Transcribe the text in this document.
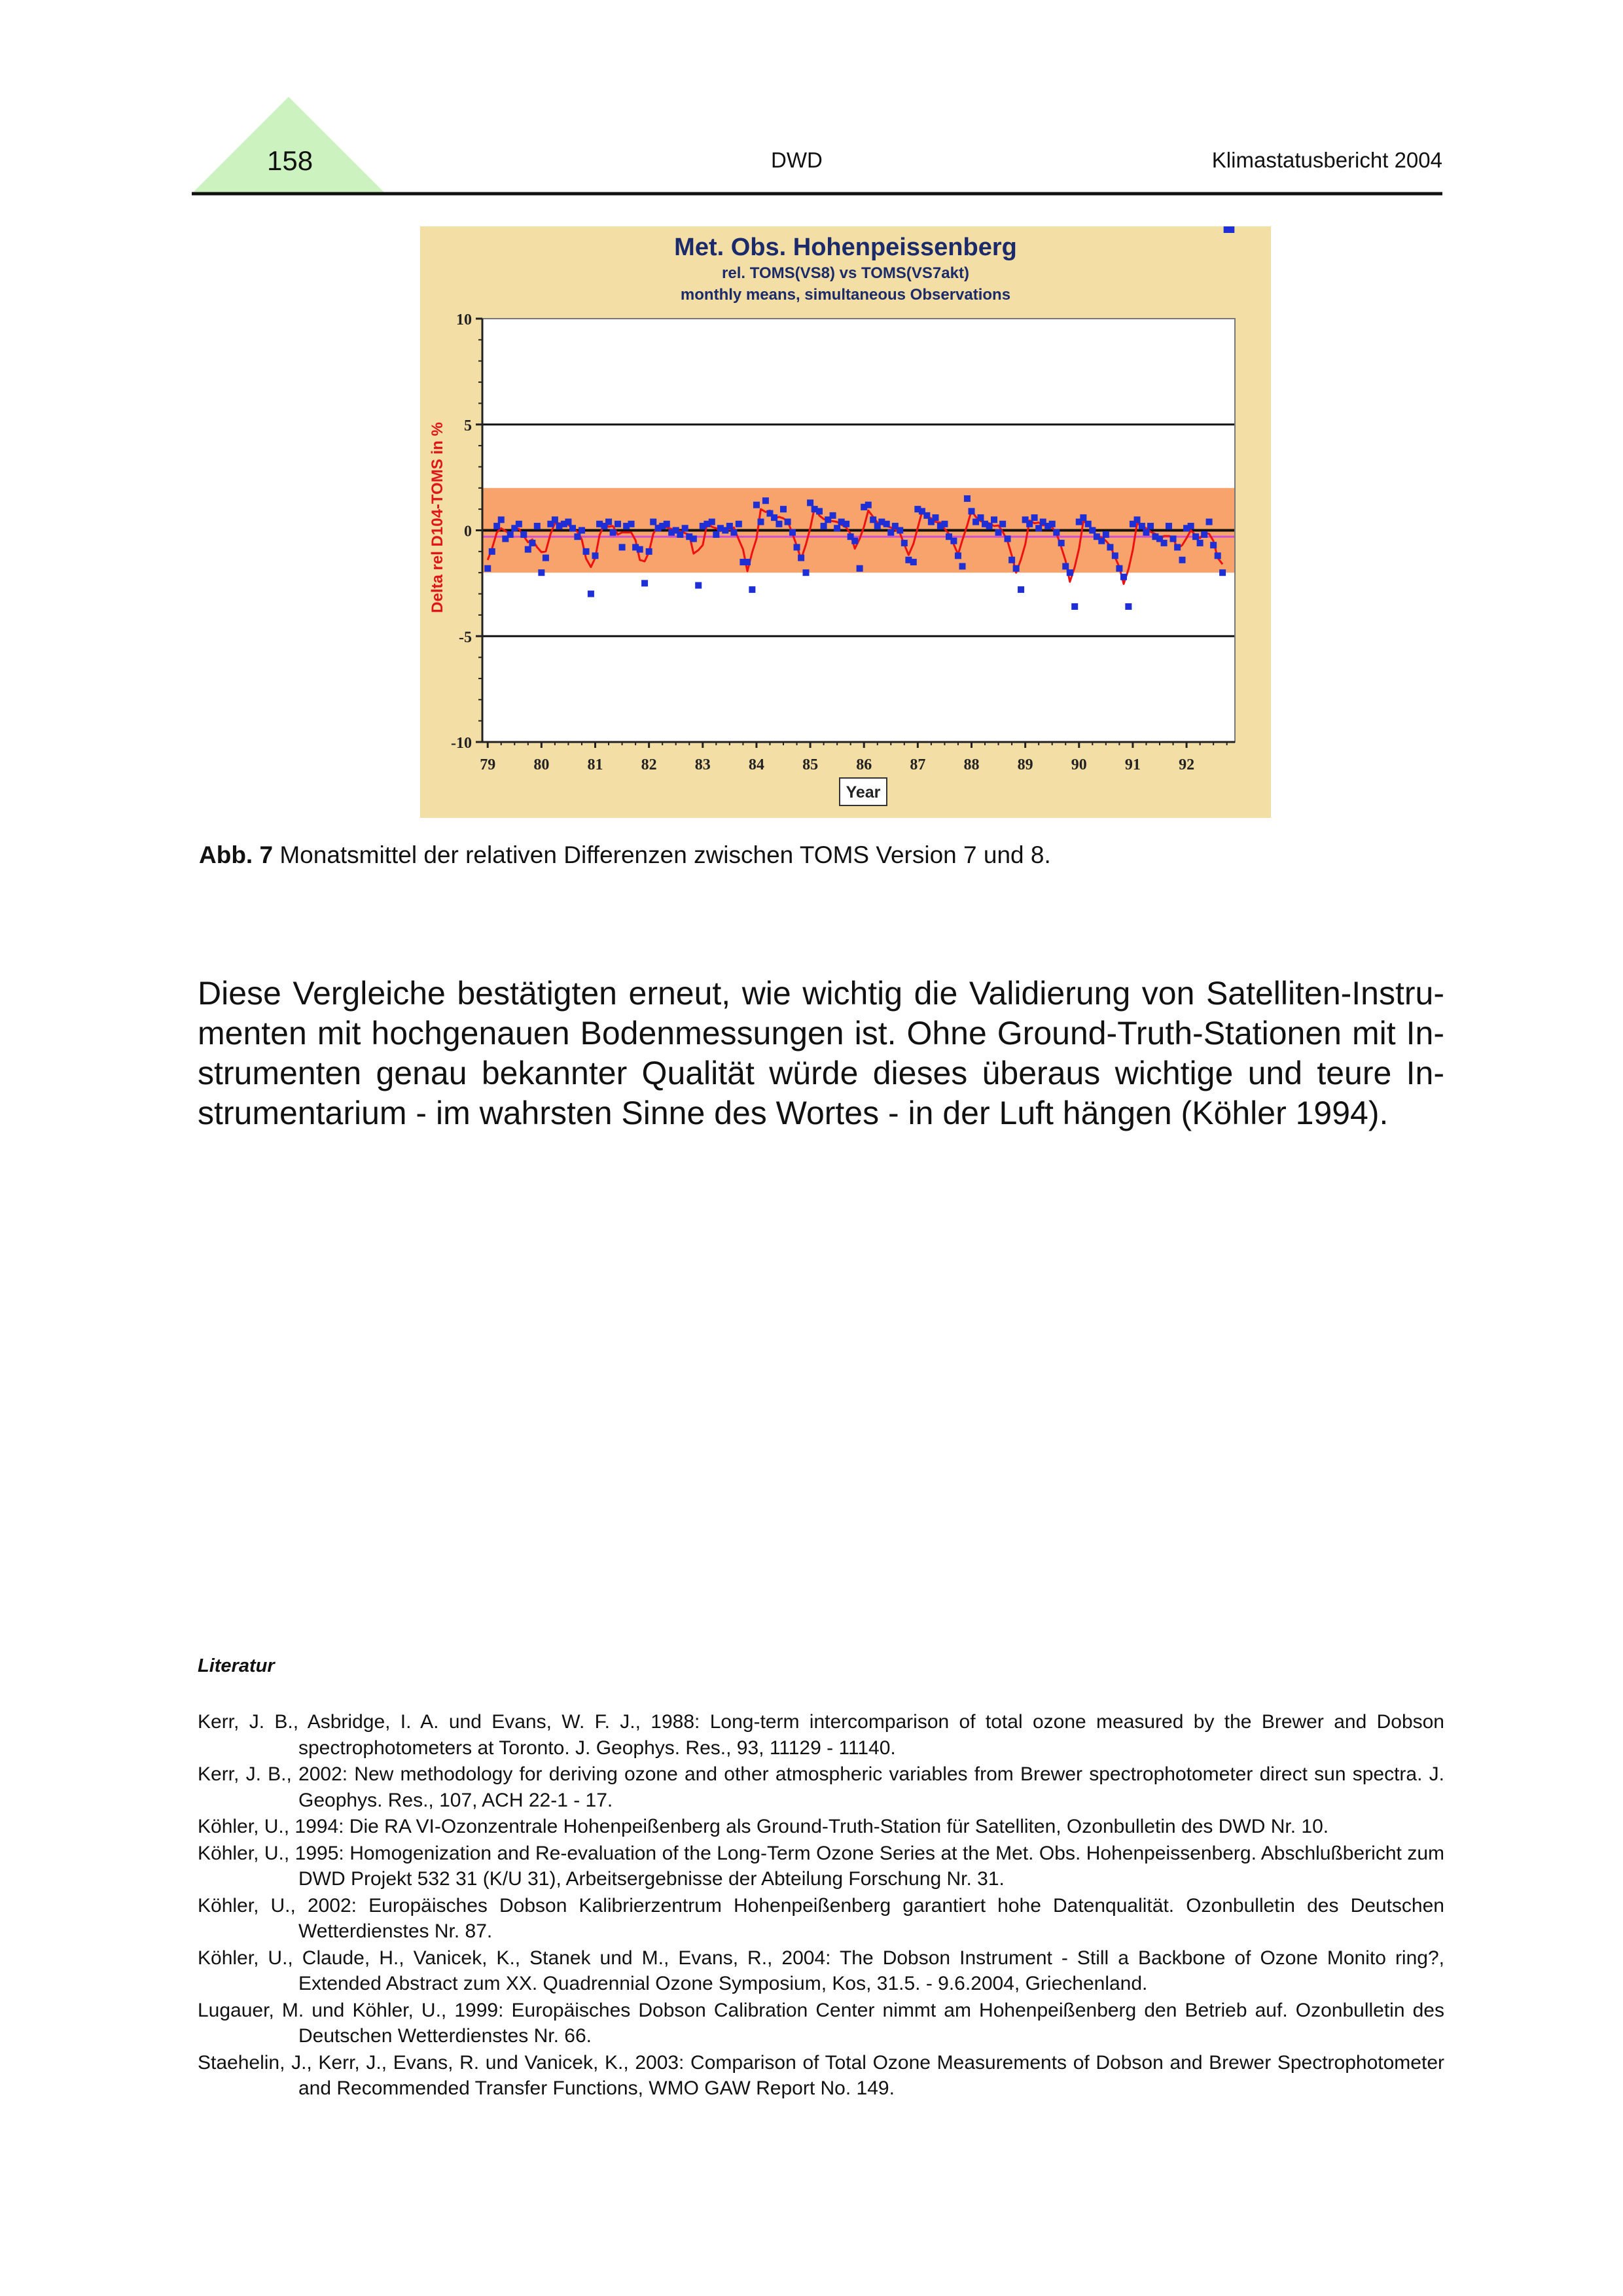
158	DWD	Klimastatusbericht 2004
Met. Obs. Hohenpeissenberg
rel. TOMS(VS8) vs TOMS(VS7akt)
monthly means, simultaneous Observations
Delta rel D104-TOMS in %
10
5
0
-5
-10
79 80 81 82 83 84 85 86 87 88 89 90 91 92
Year
Abb. 7 Monatsmittel der relativen Differenzen zwischen TOMS Version 7 und 8.
Diese Vergleiche bestätigten erneut, wie wichtig die Validierung von Satelliten-Instrumenten mit hochgenauen Bodenmessungen ist. Ohne Ground-Truth-Stationen mit Instrumenten genau bekannter Qualität würde dieses überaus wichtige und teure Instrumentarium - im wahrsten Sinne des Wortes - in der Luft hängen (Köhler 1994).
Literatur
Kerr, J. B., Asbridge, I. A. und Evans, W. F. J., 1988: Long-term intercomparison of total ozone measured by the Brewer and Dobson spectrophotometers at Toronto. J. Geophys. Res., 93, 11129 - 11140.
Kerr, J. B., 2002: New methodology for deriving ozone and other atmospheric variables from Brewer spectrophotometer direct sun spectra. J. Geophys. Res., 107, ACH 22-1 - 17.
Köhler, U., 1994: Die RA VI-Ozonzentrale Hohenpeißenberg als Ground-Truth-Station für Satelliten, Ozonbulletin des DWD Nr. 10.
Köhler, U., 1995: Homogenization and Re-evaluation of the Long-Term Ozone Series at the Met. Obs. Hohenpeissenberg. Abschlußbericht zum DWD Projekt 532 31 (K/U 31), Arbeitsergebnisse der Abteilung Forschung Nr. 31.
Köhler, U., 2002: Europäisches Dobson Kalibrierzentrum Hohenpeißenberg garantiert hohe Datenqualität. Ozonbulletin des Deutschen Wetterdienstes Nr. 87.
Köhler, U., Claude, H., Vanicek, K., Stanek und M., Evans, R., 2004: The Dobson Instrument - Still a Backbone of Ozone Monito ring?, Extended Abstract zum XX. Quadrennial Ozone Symposium, Kos, 31.5. - 9.6.2004, Griechenland.
Lugauer, M. und Köhler, U., 1999: Europäisches Dobson Calibration Center nimmt am Hohenpeißenberg den Betrieb auf. Ozonbulletin des Deutschen Wetterdienstes Nr. 66.
Staehelin, J., Kerr, J., Evans, R. und Vanicek, K., 2003: Comparison of Total Ozone Measurements of Dobson and Brewer Spectrophotometer and Recommended Transfer Functions, WMO GAW Report No. 149.
